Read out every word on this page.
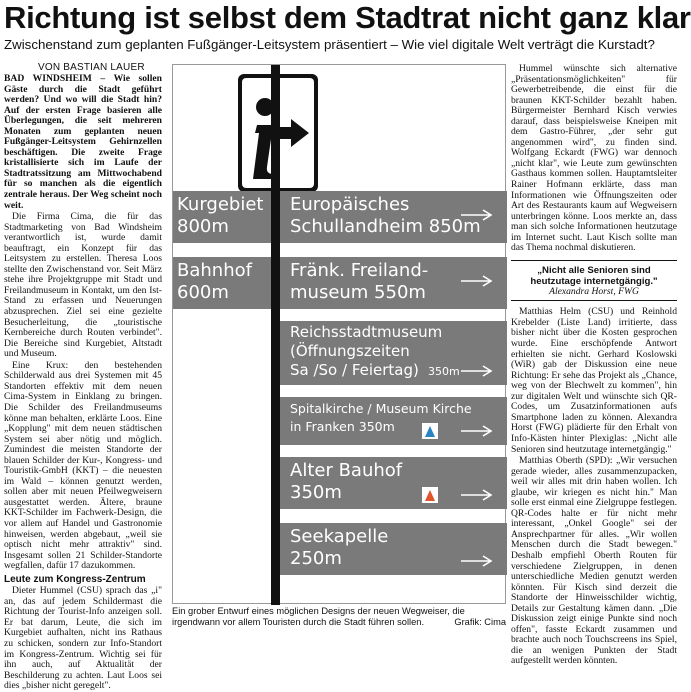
Richtung ist selbst dem Stadtrat nicht ganz klar
Zwischenstand zum geplanten Fußgänger-Leitsystem präsentiert – Wie viel digitale Welt verträgt die Kurstadt?
VON BASTIAN LAUER

BAD WINDSHEIM – Wie sollen Gäste durch die Stadt geführt werden? Und wo will die Stadt hin? Auf der ersten Frage basieren alle Überlegungen, die seit mehreren Monaten zum geplanten neuen Fußgänger-Leitsystem Gehirnzellen beschäftigen. Die zweite Frage kristallisierte sich im Laufe der Stadtratssitzung am Mittwochabend für so manchen als die eigentlich zentrale heraus. Der Weg scheint noch weit.

Die Firma Cima, die für das Stadtmarketing von Bad Windsheim verantwortlich ist, wurde damit beauftragt, ein Konzept für das Leitsystem zu erstellen. Theresa Loos stellte den Zwischenstand vor. Seit März stehe ihre Projektgruppe mit Stadt und Freilandmuseum in Kontakt, um den Ist-Stand zu erfassen und Neuerungen abzusprechen. Ziel sei eine gezielte Besucherleitung, die „touristische Kernbereiche durch Routen verbindet". Die Bereiche sind Kurgebiet, Altstadt und Museum.

Eine Krux: den bestehenden Schilderwald aus drei Systemen mit 45 Standorten effektiv mit dem neuen Cima-System in Einklang zu bringen. Die Schilder des Freilandmuseums könne man behalten, erklärte Loos. Eine „Kopplung" mit dem neuen städtischen System sei aber nötig und möglich. Zumindest die meisten Standorte der blauen Schilder der Kur-, Kongress- und Touristik-GmbH (KKT) – die neuesten im Wald – können genutzt werden, sollen aber mit neuen Pfeilwegweisern ausgestattet werden. Ältere, braune KKT-Schilder im Fachwerk-Design, die vor allem auf Handel und Gastronomie hinweisen, werden abgebaut, „weil sie optisch nicht mehr attraktiv" sind. Insgesamt sollen 21 Schilder-Standorte wegfallen, dafür 17 dazukommen.

Leute zum Kongress-Zentrum

Dieter Hummel (CSU) sprach das „i" an, das auf jedem Schildermast die Richtung der Tourist-Info anzeigen soll. Er bat darum, Leute, die sich im Kurgebiet aufhalten, nicht ins Rathaus zu schicken, sondern zur Info-Standort im Kongress-Zentrum. Wichtig sei für ihn auch, auf Aktualität der Beschilderung zu achten. Laut Loos sei dies „bisher nicht geregelt".

Kurgebiet
800m
Bahnhof
600m
Europäisches
Schullandheim 850m
Fränk. Freiland-
museum 550m
Reichsstadtmuseum
(Öffnungszeiten
Sa /So / Feiertag) 350m
Spitalkirche / Museum Kirche
in Franken 350m
Alter Bauhof
350m
Seekapelle
250m
Ein grober Entwurf eines möglichen Designs der neuen Wegweiser, die irgendwann vor allem Touristen durch die Stadt führen sollen.	Grafik: Cima

Hummel wünschte sich alternative „Präsentationsmöglichkeiten" für Gewerbetreibende, die einst für die braunen KKT-Schilder bezahlt haben. Bürgermeister Bernhard Kisch verwies darauf, dass beispielsweise Kneipen mit dem Gastro-Führer, „der sehr gut angenommen wird", zu finden sind. Wolfgang Eckardt (FWG) war dennoch „nicht klar", wie Leute zum gewünschten Gasthaus kommen sollen. Hauptamtsleiter Rainer Hofmann erklärte, dass man Informationen wie Öffnungszeiten oder Art des Restaurants kaum auf Wegweisern unterbringen könne. Loos merkte an, dass man sich solche Informationen heutzutage im Internet sucht. Laut Kisch sollte man das Thema nochmal diskutieren.

„Nicht alle Senioren sind heutzutage internetgängig."
Alexandra Horst, FWG

Matthias Helm (CSU) und Reinhold Krebelder (Liste Land) irritierte, dass bisher nicht über die Kosten gesprochen wurde. Eine erschöpfende Antwort erhielten sie nicht. Gerhard Koslowski (WiR) gab der Diskussion eine neue Richtung: Er sehe das Projekt als „Chance, weg von der Blechwelt zu kommen", hin zur digitalen Welt und wünschte sich QR-Codes, um Zusatzinformationen aufs Smartphone laden zu können. Alexandra Horst (FWG) plädierte für den Erhalt von Info-Kästen hinter Plexiglas: „Nicht alle Senioren sind heutzutage internetgängig."

Matthias Oberth (SPD): „Wir versuchen gerade wieder, alles zusammenzupacken, weil wir alles mit drin haben wollen. Ich glaube, wir kriegen es nicht hin." Man solle erst einmal eine Zielgruppe festlegen. QR-Codes halte er für nicht mehr interessant, „Onkel Google" sei der Ansprechpartner für alles. „Wir wollen Menschen durch die Stadt bewegen." Deshalb empfiehl Oberth Routen für verschiedene Zielgruppen, in denen unterschiedliche Medien genutzt werden könnten. Für Kisch sind derzeit die Standorte der Hinweisschilder wichtig, Details zur Gestaltung kämen dann. „Die Diskussion zeigt einige Punkte sind noch offen", fasste Eckardt zusammen und brachte auch noch Touchscreens ins Spiel, die an wenigen Punkten der Stadt aufgestellt werden könnten.
